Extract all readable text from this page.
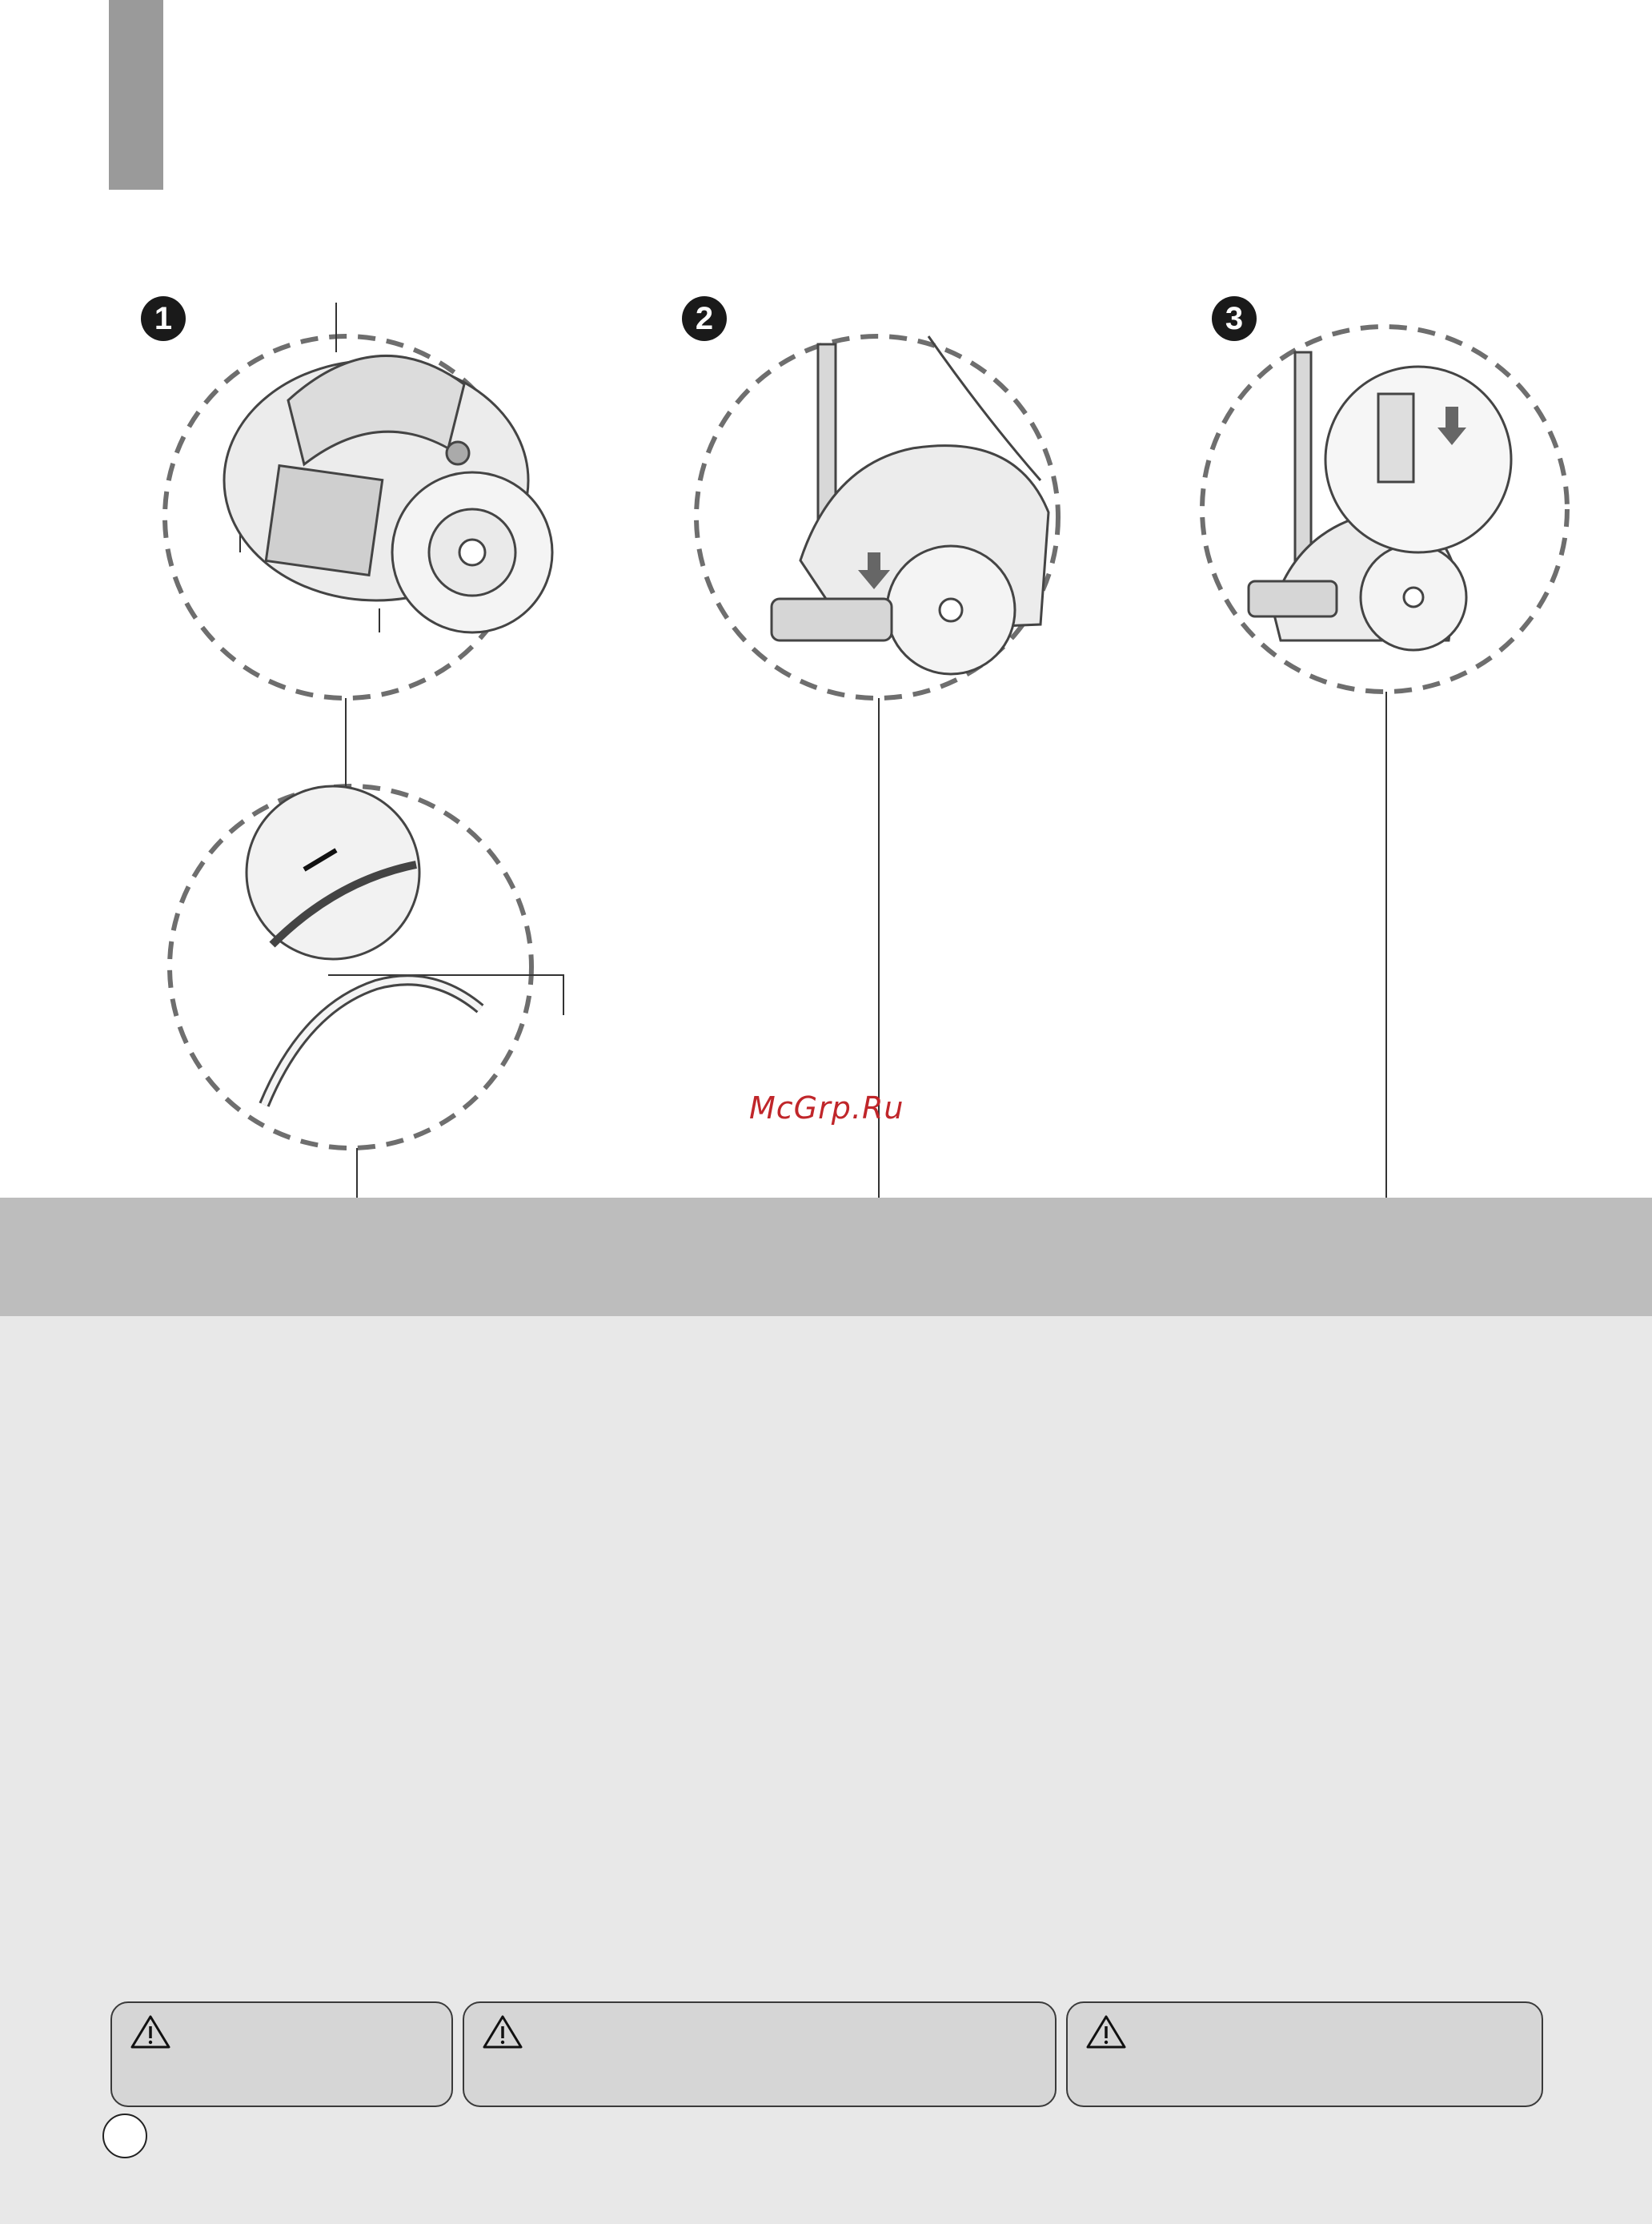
1	2	3
McGrp.Ru
